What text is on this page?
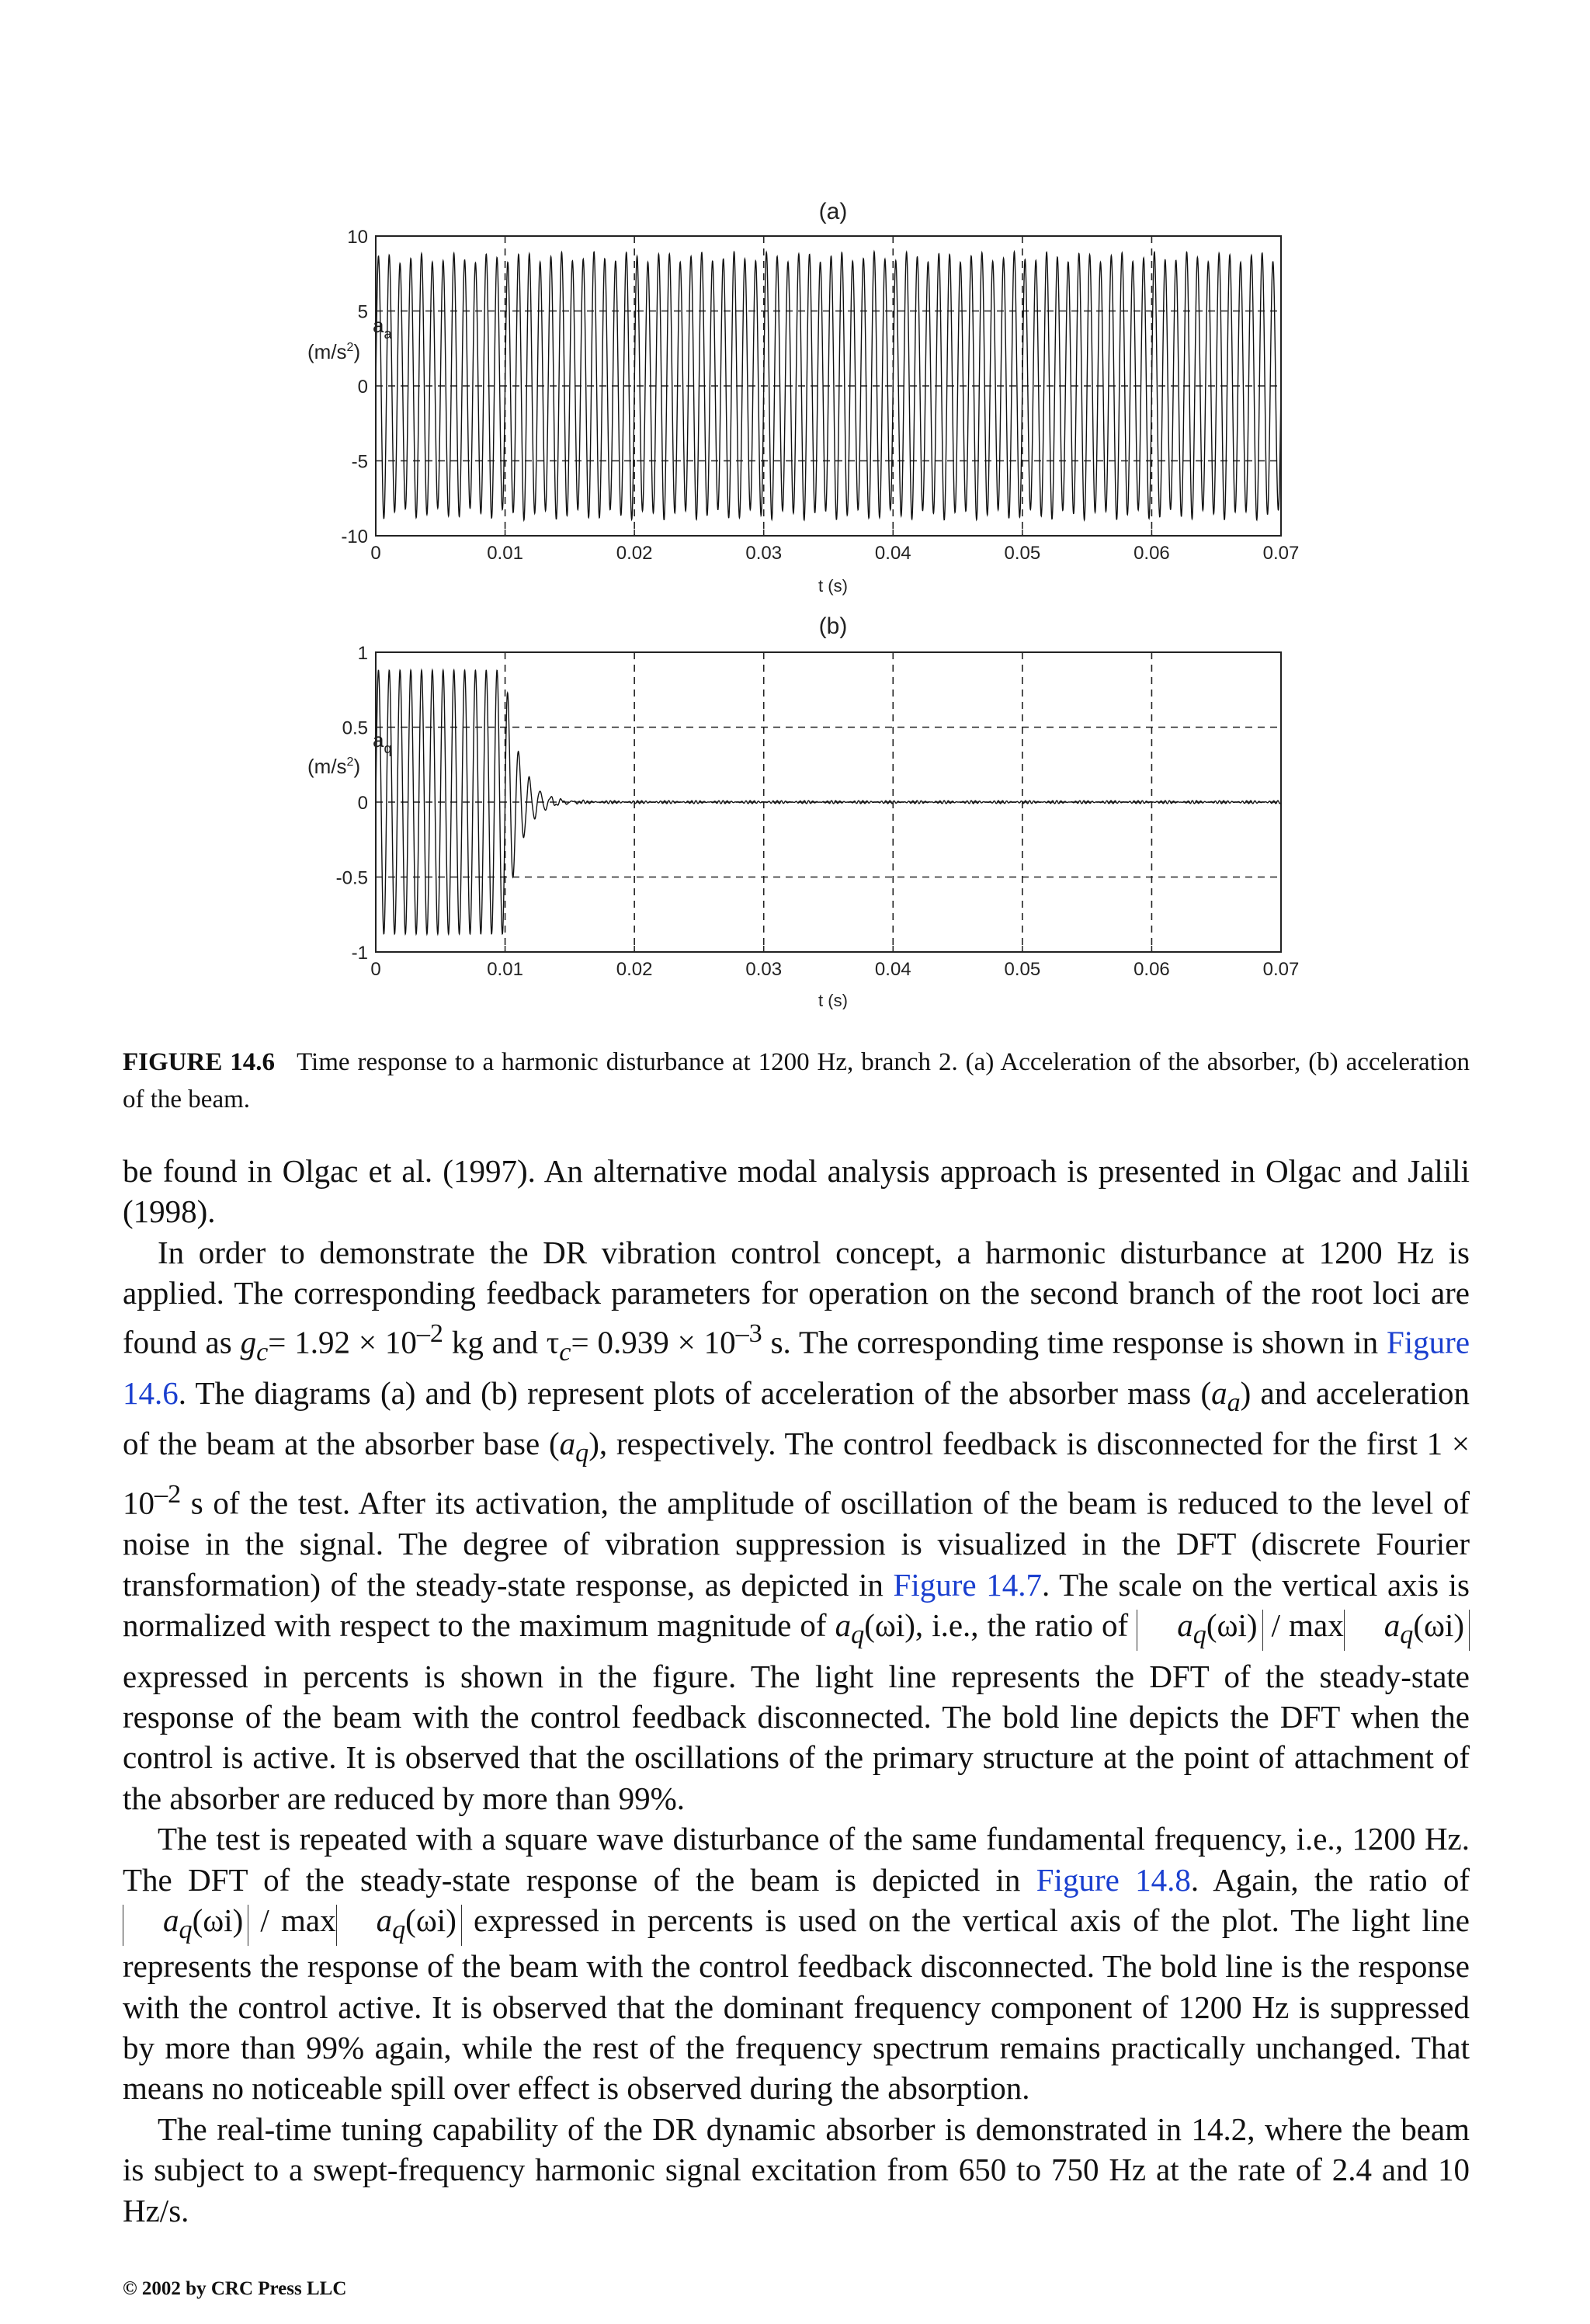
(a)
$a_a$
$(m/s^2)$
0	0.01	0.02	0.03	0.04	0.05	0.06	0.07
10
5
0
-5
-10
t (s)
(b)
$a_q$
$(m/s^2)$
0	0.01	0.02	0.03	0.04	0.05	0.06	0.07
1
0.5
0
-0.5
-1
t (s)
FIGURE 14.6 Time response to a harmonic disturbance at 1200 Hz, branch 2. (a) Acceleration of the absorber, (b) acceleration of the beam.

be found in Olgac et al. (1997). An alternative modal analysis approach is presented in Olgac and Jalili (1998).

In order to demonstrate the DR vibration control concept, a harmonic disturbance at 1200 Hz is applied. The corresponding feedback parameters for operation on the second branch of the root loci are found as $g_c= 1.92 \times 10^{-2}$ kg and $\tau_c= 0.939 \times 10^{-3}$ s. The corresponding time response is shown in Figure 14.6. The diagrams (a) and (b) represent plots of acceleration of the absorber mass $(a_a)$ and acceleration of the beam at the absorber base $(a_q)$, respectively. The control feedback is disconnected for the first $1 \times 10^{-2}$ s of the test. After its activation, the amplitude of oscillation of the beam is reduced to the level of noise in the signal. The degree of vibration suppression is visualized in the DFT (discrete Fourier transformation) of the steady-state response, as depicted in Figure 14.7. The scale on the vertical axis is normalized with respect to the maximum magnitude of $a_q(\omega i)$, i.e., the ratio of $a_q(\omega i)$ / $\max a_q(\omega i)$ expressed in percents is shown in the figure. The light line represents the DFT of the steady-state response of the beam with the control feedback disconnected. The bold line depicts the DFT when the control is active. It is observed that the oscillations of the primary structure at the point of attachment of the absorber are reduced by more than 99%.

The test is repeated with a square wave disturbance of the same fundamental frequency, i.e., 1200 Hz. The DFT of the steady-state response of the beam is depicted in Figure 14.8. Again, the ratio of $a_q(\omega i)$ / $\max a_q(\omega i)$ expressed in percents is used on the vertical axis of the plot. The light line represents the response of the beam with the control feedback disconnected. The bold line is the response with the control active. It is observed that the dominant frequency component of 1200 Hz is suppressed by more than 99% again, while the rest of the frequency spectrum remains practically unchanged. That means no noticeable spill over effect is observed during the absorption.

The real-time tuning capability of the DR dynamic absorber is demonstrated in 14.2, where the beam is subject to a swept-frequency harmonic signal excitation from 650 to 750 Hz at the rate of 2.4 and 10 Hz/s.

© 2002 by CRC Press LLC
